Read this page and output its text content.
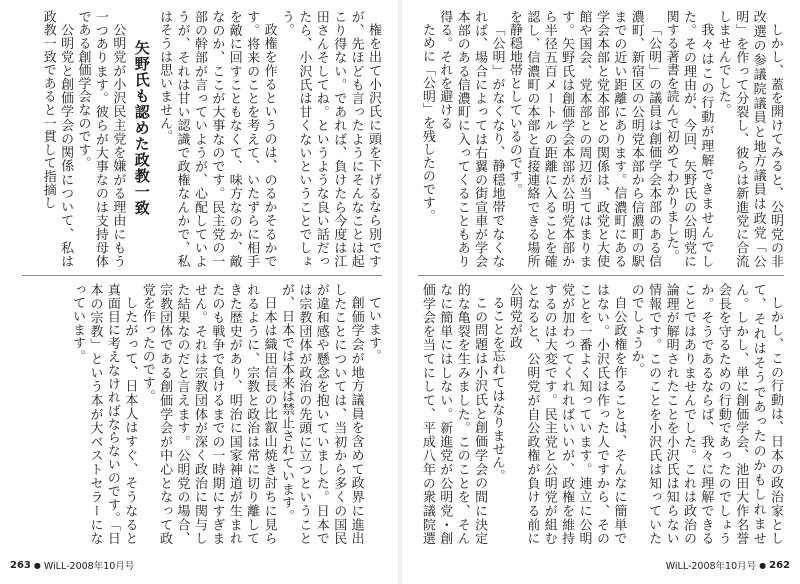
権を出て小沢氏に頭を下げるなら別ですが、先ほども言ったようにそんなことは起こり得ない。であれば、負けたら今度は江田さんそしてね。というような良い話だったら、小沢氏は甘くないということでしょう。

政権を作るというのは、のるかそるかです。将来のことを考えて、いたずらに相手を敵に回すこともなくて、味方なのか、敵なのか、ここが大事なのです。民主党の一部の幹部が言っていようが、心配していようが、それは甘い認識で政権なんかで、私はそうは思いません。

矢野氏も認めた政教一致

公明党が小沢民主党を嫌がる理由にもう一つあります。彼らが大事なのは支持母体である創価学会なのです。

公明党と創価学会の関係について、私は政教一致であると一貫して指摘し

ています。

創価学会が地方議員を含めて政界に進出したことについては、当初から多くの国民が違和感や懸念を抱いていました。日本では宗教団体が政治の先頭に立つということが、日本では本来は禁止されています。

日本は織田信長の比叡山焼き討ちに見られるように、宗教と政治は常に切り離してきた歴史があり、明治に国家神道が生まれたのも戦争で負けるまでの一時期にすぎません。それは宗教団体が深く政治に関与した結果なのだと言えます。公明党の場合、宗教団体である創価学会が中心となって政党を作ったのです。

したがって、日本人はすぐ、そうなると真面目に考えなければならないのです。「日本の宗教」という本が大ベストセラーになっています。

263 ● WiLL-2008年10月号

しかし、蓋を開けてみると、公明党の非改選の参議院議員と地方議員は政党「公明」を作って分裂し、彼らは新進党に合流しませんでした。

我々はこの行動が理解できませんでした。その理由が、今回、矢野氏の公明党に関する著書を読んで初めてわかりました。

「公明」の議員は創価学会本部のある信濃町、新宿区の公明党本部から信濃町の駅までの近い距離にあります。信濃町にある学会本部と党本部との関係は、政党と大使館や国会、党本部との周辺が当てはまります。矢野氏は創価学会本部が公明党本部から半径五百メートルの距離に入ることを確認し、信濃町の本部と直接連絡できる場所を静穏地帯としているのです。

「公明」がなくなり、静穏地帯でなくなれば、場合によっては右翼の街宣車が学会本部のある信濃町に入ってくることもあり得る。それを避ける

ために「公明」を残したのです。

しかし、この行動は、日本の政治家として、それはそうであったのかもしれません。しかし、単に創価学会、池田大作名誉会長を守るための行動であったのでしょうか。そうであるならば、我々に理解できることではありませんでした。これは政治の論理が解明されたことを小沢氏は知らない情報です。このことを小沢氏は知っていたのでしょうか。

自公政権を作ることは、そんなに簡単ではない。小沢氏は作った人ですから、そのことを一番よく知っています。連立に公明党が加わってくれればいいが、政権を維持するのは大変です。民主党と公明党が組むとなると、公明党が自公政権が負ける前に公明党が政

ることを忘れてはなりません。

この問題は小沢氏と創価学会の間に決定的な亀裂を生みました。このことを、そんなに簡単にはしない。新進党が公明党・創価学会を当てにして、平成八年の衆議院選

WiLL-2008年10月号 ● 262
